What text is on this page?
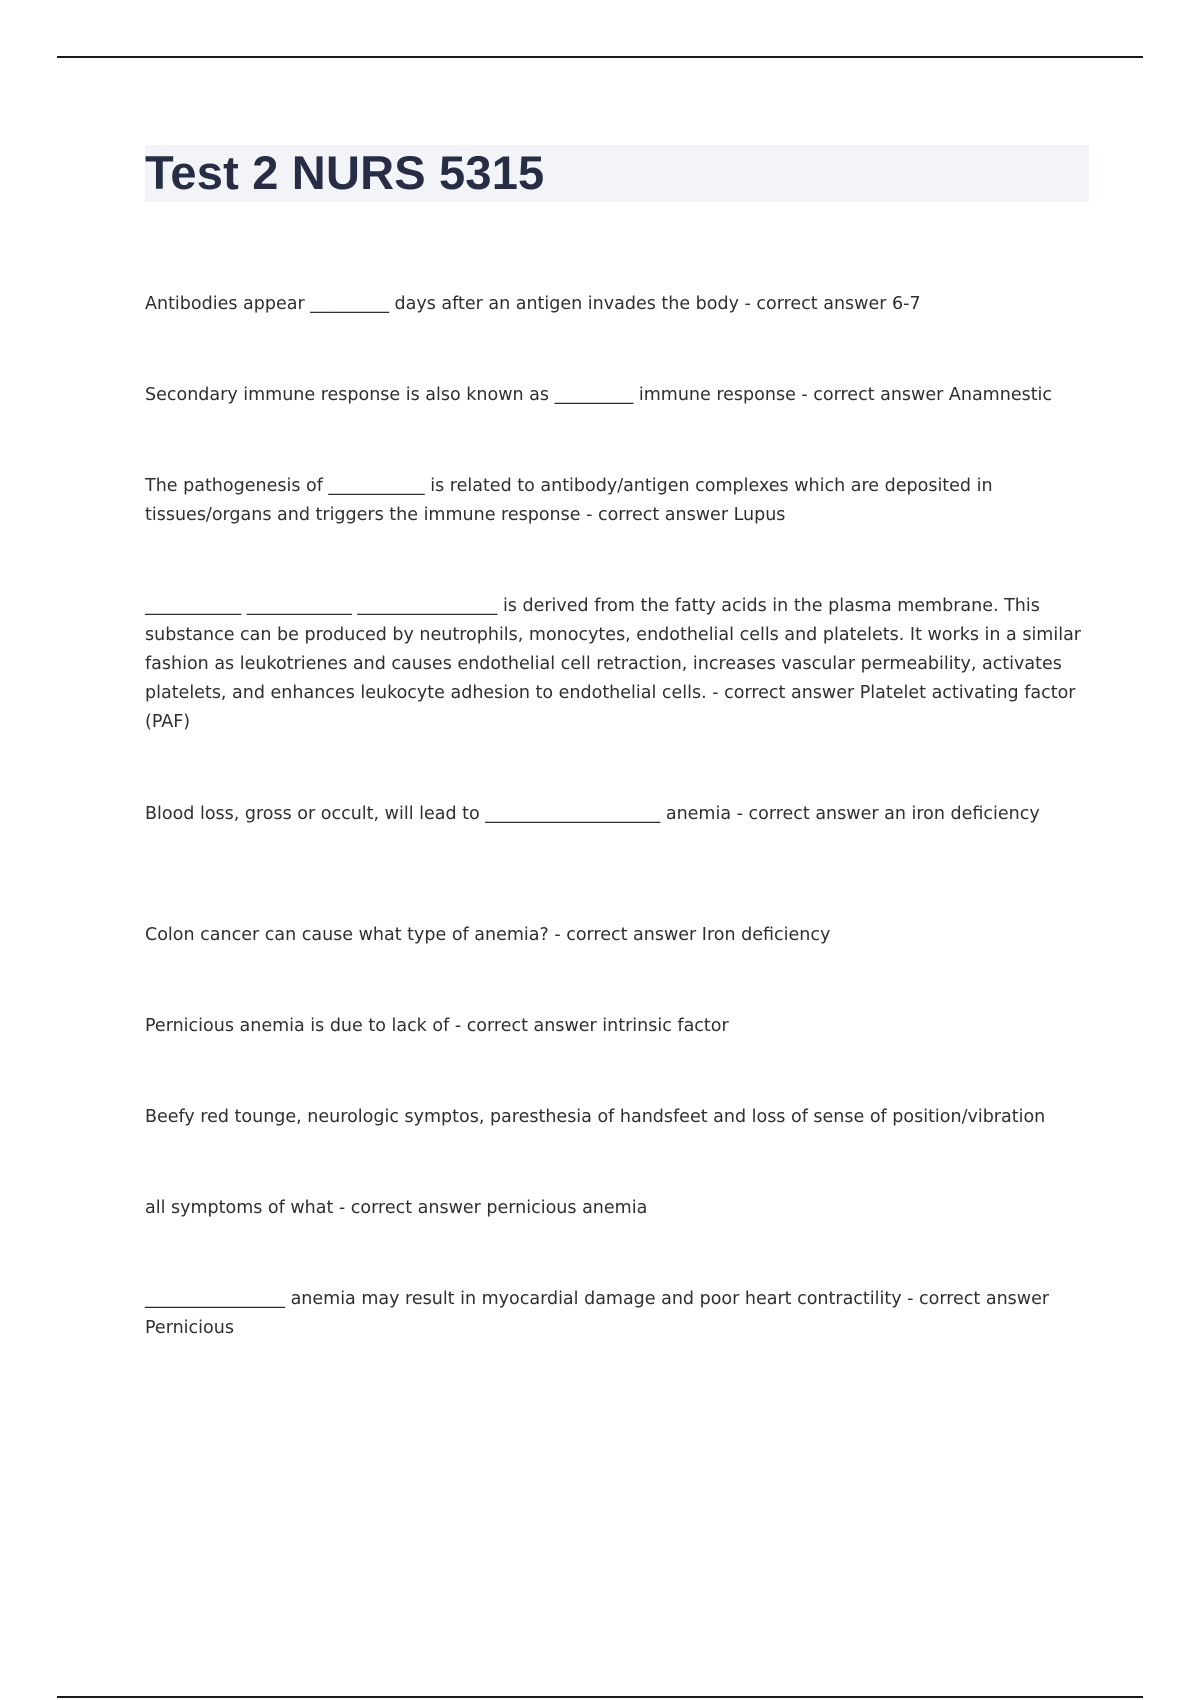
Test 2 NURS 5315

Antibodies appear _________ days after an antigen invades the body - correct answer 6-7

Secondary immune response is also known as _________ immune response - correct answer Anamnestic

The pathogenesis of ___________ is related to antibody/antigen complexes which are deposited in tissues/organs and triggers the immune response - correct answer Lupus

___________ ____________ ________________ is derived from the fatty acids in the plasma membrane. This substance can be produced by neutrophils, monocytes, endothelial cells and platelets. It works in a similar fashion as leukotrienes and causes endothelial cell retraction, increases vascular permeability, activates platelets, and enhances leukocyte adhesion to endothelial cells. - correct answer Platelet activating factor (PAF)

Blood loss, gross or occult, will lead to ____________________ anemia - correct answer an iron deficiency

Colon cancer can cause what type of anemia? - correct answer Iron deficiency

Pernicious anemia is due to lack of - correct answer intrinsic factor

Beefy red tounge, neurologic symptos, paresthesia of handsfeet and loss of sense of position/vibration

all symptoms of what - correct answer pernicious anemia

________________ anemia may result in myocardial damage and poor heart contractility - correct answer Pernicious
